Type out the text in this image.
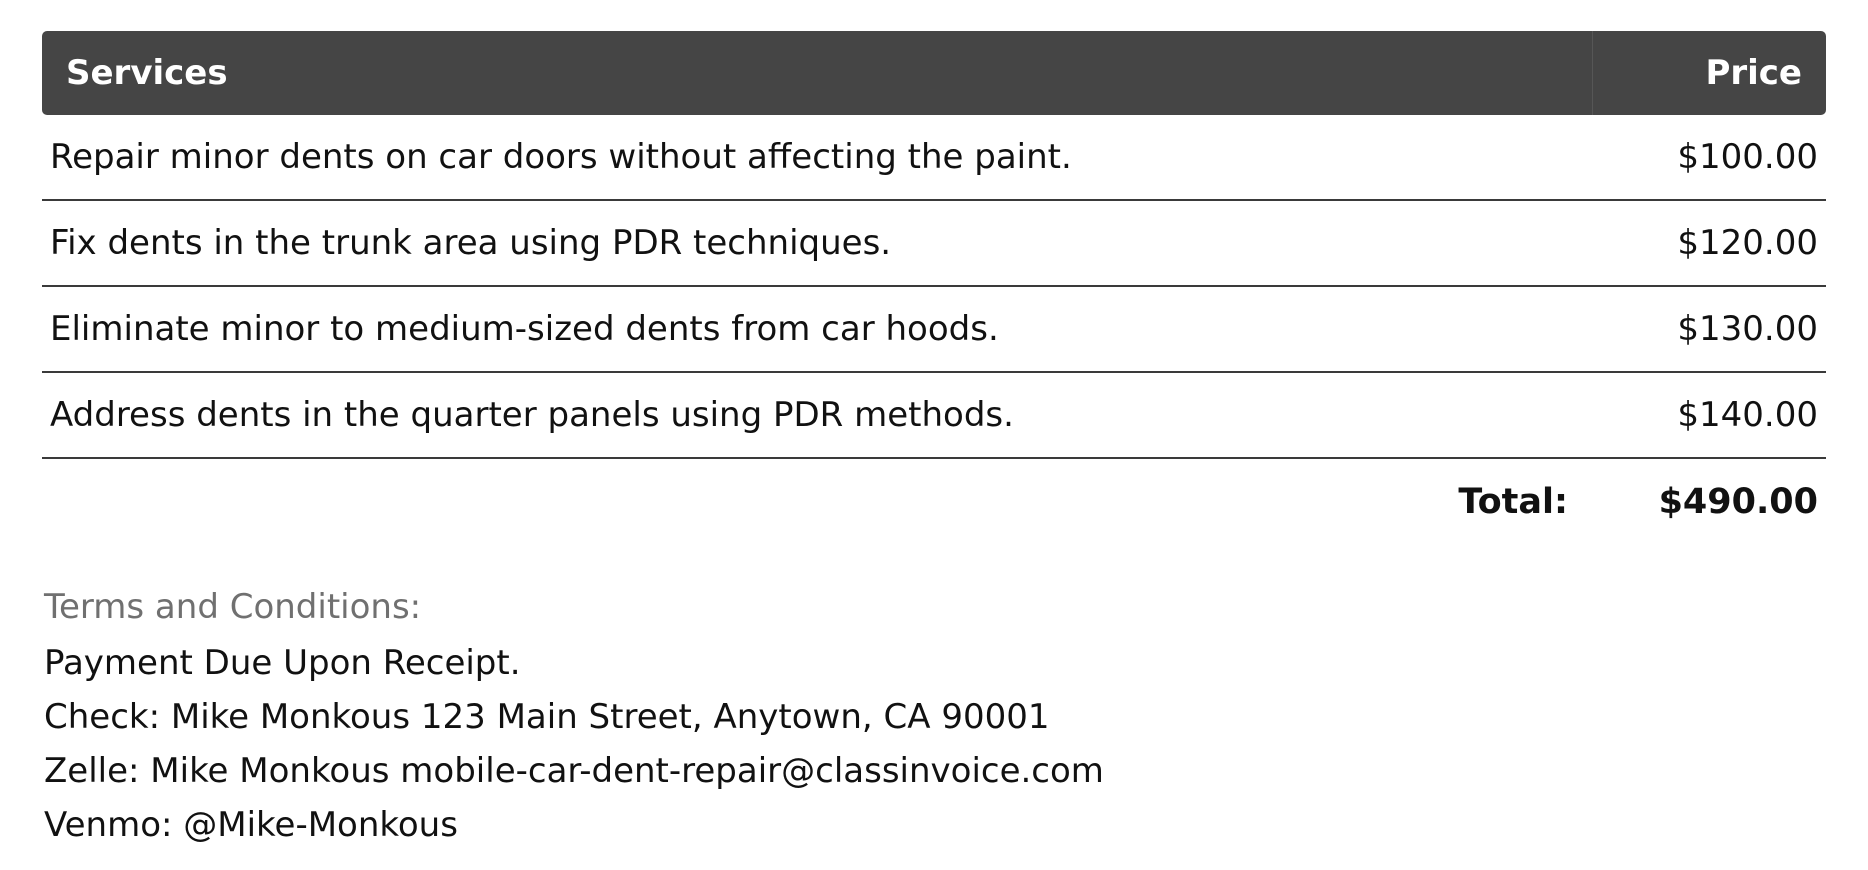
Services	Price
Repair minor dents on car doors without affecting the paint.	$100.00
Fix dents in the trunk area using PDR techniques.	$120.00
Eliminate minor to medium-sized dents from car hoods.	$130.00
Address dents in the quarter panels using PDR methods.	$140.00
Total:	$490.00
Terms and Conditions:
Payment Due Upon Receipt.
Check: Mike Monkous 123 Main Street, Anytown, CA 90001
Zelle: Mike Monkous mobile-car-dent-repair@classinvoice.com
Venmo: @Mike-Monkous
